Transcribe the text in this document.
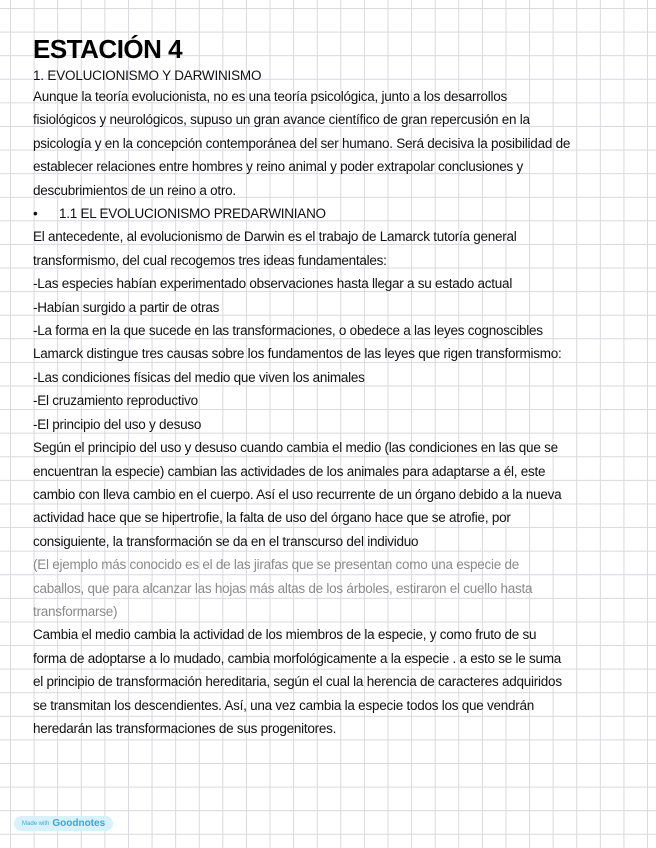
ESTACIÓN 4
1. EVOLUCIONISMO Y DARWINISMO
Aunque la teoría evolucionista, no es una teoría psicológica, junto a los desarrollos
fisiológicos y neurológicos, supuso un gran avance científico de gran repercusión en la
psicología y en la concepción contemporánea del ser humano. Será decisiva la posibilidad de
establecer relaciones entre hombres y reino animal y poder extrapolar conclusiones y
descubrimientos de un reino a otro.
• 1.1 EL EVOLUCIONISMO PREDARWINIANO
El antecedente, al evolucionismo de Darwin es el trabajo de Lamarck tutoría general
transformismo, del cual recogemos tres ideas fundamentales:
-Las especies habían experimentado observaciones hasta llegar a su estado actual
-Habían surgido a partir de otras
-La forma en la que sucede en las transformaciones, o obedece a las leyes cognoscibles
Lamarck distingue tres causas sobre los fundamentos de las leyes que rigen transformismo:
-Las condiciones físicas del medio que viven los animales
-El cruzamiento reproductivo
-El principio del uso y desuso
Según el principio del uso y desuso cuando cambia el medio (las condiciones en las que se
encuentran la especie) cambian las actividades de los animales para adaptarse a él, este
cambio con lleva cambio en el cuerpo. Así el uso recurrente de un órgano debido a la nueva
actividad hace que se hipertrofie, la falta de uso del órgano hace que se atrofie, por
consiguiente, la transformación se da en el transcurso del individuo
(El ejemplo más conocido es el de las jirafas que se presentan como una especie de
caballos, que para alcanzar las hojas más altas de los árboles, estiraron el cuello hasta
transformarse)
Cambia el medio cambia la actividad de los miembros de la especie, y como fruto de su
forma de adoptarse a lo mudado, cambia morfológicamente a la especie . a esto se le suma
el principio de transformación hereditaria, según el cual la herencia de caracteres adquiridos
se transmitan los descendientes. Así, una vez cambia la especie todos los que vendrán
heredarán las transformaciones de sus progenitores.
Made with Goodnotes
